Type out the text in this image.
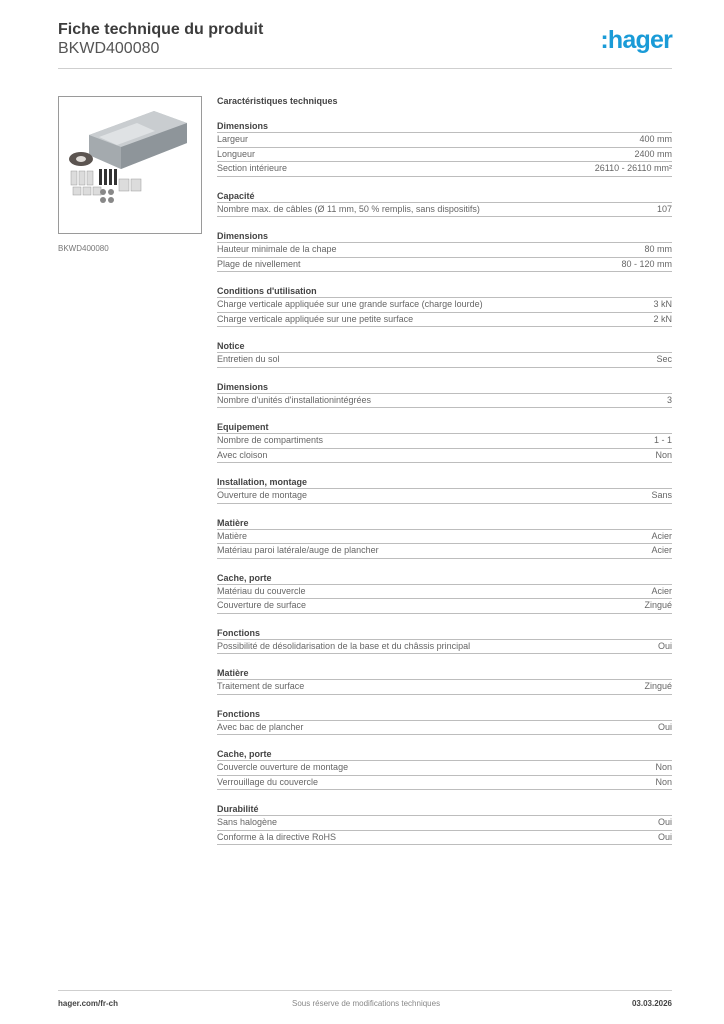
Fiche technique du produit
BKWD400080	:hager
BKWD400080
Caractéristiques techniques
Dimensions
Largeur	400 mm
Longueur	2400 mm
Section intérieure	26110 - 26110 mm²
Capacité
Nombre max. de câbles (Ø 11 mm, 50 % remplis, sans dispositifs)	107
Dimensions
Hauteur minimale de la chape	80 mm
Plage de nivellement	80 - 120 mm
Conditions d'utilisation
Charge verticale appliquée sur une grande surface (charge lourde)	3 kN
Charge verticale appliquée sur une petite surface	2 kN
Notice
Entretien du sol	Sec
Dimensions
Nombre d'unités d'installationintégrées	3
Equipement
Nombre de compartiments	1 - 1
Avec cloison	Non
Installation, montage
Ouverture de montage	Sans
Matière
Matière	Acier
Matériau paroi latérale/auge de plancher	Acier
Cache, porte
Matériau du couvercle	Acier
Couverture de surface	Zingué
Fonctions
Possibilité de désolidarisation de la base et du châssis principal	Oui
Matière
Traitement de surface	Zingué
Fonctions
Avec bac de plancher	Oui
Cache, porte
Couvercle ouverture de montage	Non
Verrouillage du couvercle	Non
Durabilité
Sans halogène	Oui
Conforme à la directive RoHS	Oui
hager.com/fr-ch	Sous réserve de modifications techniques	03.03.2026
